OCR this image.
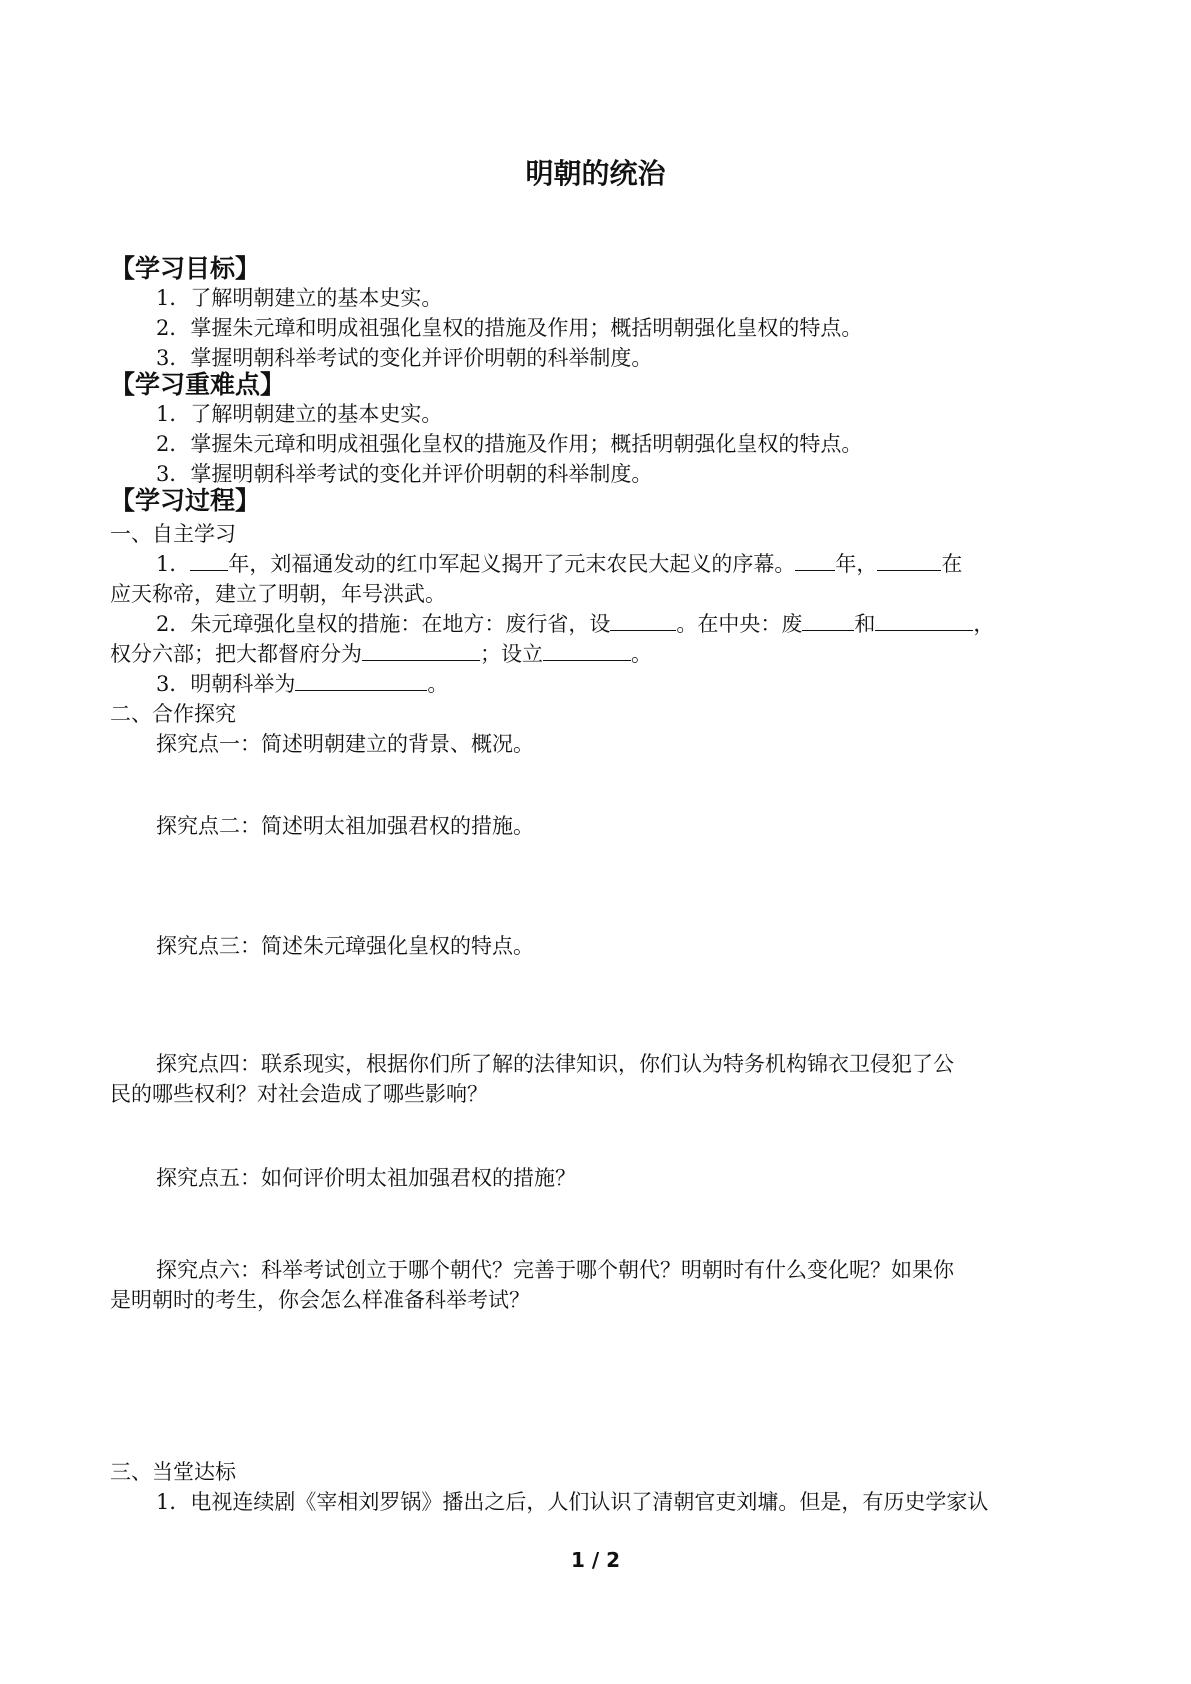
明朝的统治
【学习目标】
1．了解明朝建立的基本史实。
2．掌握朱元璋和明成祖强化皇权的措施及作用；概括明朝强化皇权的特点。
3．掌握明朝科举考试的变化并评价明朝的科举制度。
【学习重难点】
1．了解明朝建立的基本史实。
2．掌握朱元璋和明成祖强化皇权的措施及作用；概括明朝强化皇权的特点。
3．掌握明朝科举考试的变化并评价明朝的科举制度。
【学习过程】
一、自主学习
1． 年，刘福通发动的红巾军起义揭开了元末农民大起义的序幕。 年，	在
应天称帝，建立了明朝，年号洪武。
2．朱元璋强化皇权的措施：在地方：废行省，设	。在中央：废 和	，
权分六部；把大都督府分为	；设立	。
3．明朝科举为	。
二、合作探究
探究点一：简述明朝建立的背景、概况。
探究点二：简述明太祖加强君权的措施。
探究点三：简述朱元璋强化皇权的特点。
探究点四：联系现实，根据你们所了解的法律知识，你们认为特务机构锦衣卫侵犯了公
民的哪些权利？对社会造成了哪些影响？
探究点五：如何评价明太祖加强君权的措施？
探究点六：科举考试创立于哪个朝代？完善于哪个朝代？明朝时有什么变化呢？如果你
是明朝时的考生，你会怎么样准备科举考试？
三、当堂达标
1．电视连续剧《宰相刘罗锅》播出之后，人们认识了清朝官吏刘墉。但是，有历史学家认
1 / 2
